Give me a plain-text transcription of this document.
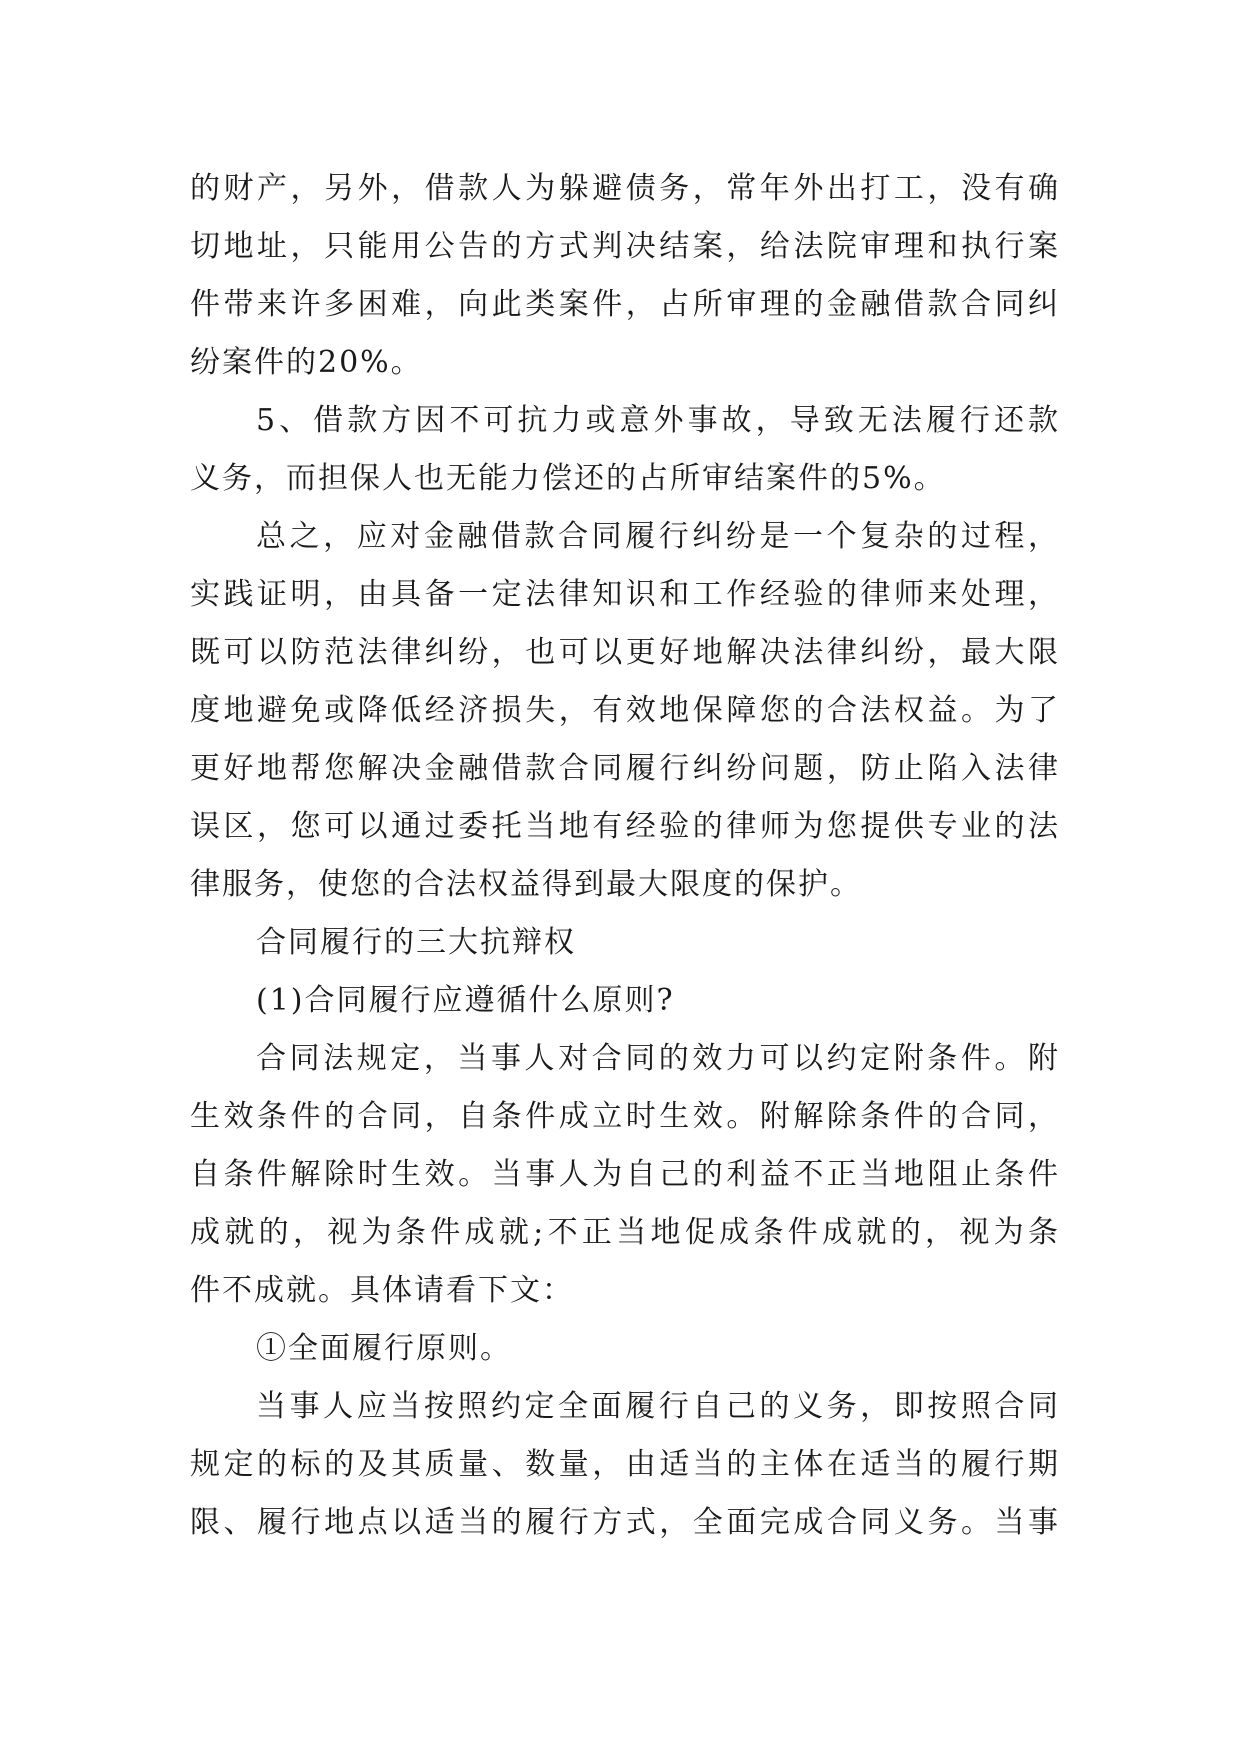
的财产，另外，借款人为躲避债务，常年外出打工，没有确
切地址，只能用公告的方式判决结案，给法院审理和执行案
件带来许多困难，向此类案件，占所审理的金融借款合同纠
纷案件的20%。
5、借款方因不可抗力或意外事故，导致无法履行还款
义务，而担保人也无能力偿还的占所审结案件的5%。
总之，应对金融借款合同履行纠纷是一个复杂的过程，
实践证明，由具备一定法律知识和工作经验的律师来处理，
既可以防范法律纠纷，也可以更好地解决法律纠纷，最大限
度地避免或降低经济损失，有效地保障您的合法权益。为了
更好地帮您解决金融借款合同履行纠纷问题，防止陷入法律
误区，您可以通过委托当地有经验的律师为您提供专业的法
律服务，使您的合法权益得到最大限度的保护。
合同履行的三大抗辩权
(1)合同履行应遵循什么原则?
合同法规定，当事人对合同的效力可以约定附条件。附
生效条件的合同，自条件成立时生效。附解除条件的合同，
自条件解除时生效。当事人为自己的利益不正当地阻止条件
成就的，视为条件成就;不正当地促成条件成就的，视为条
件不成就。具体请看下文：
①全面履行原则。
当事人应当按照约定全面履行自己的义务，即按照合同
规定的标的及其质量、数量，由适当的主体在适当的履行期
限、履行地点以适当的履行方式，全面完成合同义务。当事
